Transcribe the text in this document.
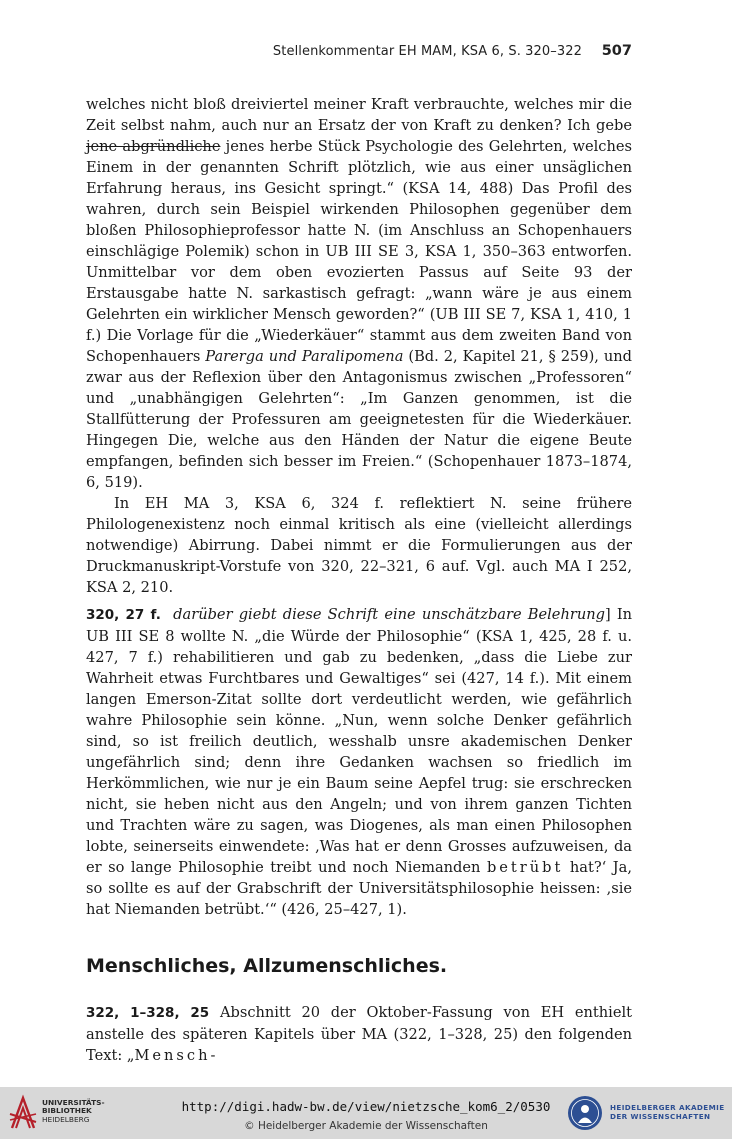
Stellenkommentar EH MAM, KSA 6, S. 320–322 507

welches nicht bloß dreiviertel meiner Kraft verbrauchte, welches mir die Zeit selbst nahm, auch nur an Ersatz der von Kraft zu denken? Ich gebe jene abgründliche jenes herbe Stück Psychologie des Gelehrten, welches Einem in der genannten Schrift plötzlich, wie aus einer unsäglichen Erfahrung heraus, ins Gesicht springt.“ (KSA 14, 488) Das Profil des wahren, durch sein Beispiel wirkenden Philosophen gegenüber dem bloßen Philosophieprofessor hatte N. (im Anschluss an Schopenhauers einschlägige Polemik) schon in UB III SE 3, KSA 1, 350–363 entworfen. Unmittelbar vor dem oben evozierten Passus auf Seite 93 der Erstausgabe hatte N. sarkastisch gefragt: „wann wäre je aus einem Gelehrten ein wirklicher Mensch geworden?“ (UB III SE 7, KSA 1, 410, 1 f.) Die Vorlage für die „Wiederkäuer“ stammt aus dem zweiten Band von Schopenhauers Parerga und Paralipomena (Bd. 2, Kapitel 21, § 259), und zwar aus der Reflexion über den Antagonismus zwischen „Professoren“ und „unabhängigen Gelehrten“: „Im Ganzen genommen, ist die Stallfütterung der Professuren am geeignetesten für die Wiederkäuer. Hingegen Die, welche aus den Händen der Natur die eigene Beute empfangen, befinden sich besser im Freien.“ (Schopenhauer 1873–1874, 6, 519).

In EH MA 3, KSA 6, 324 f. reflektiert N. seine frühere Philologenexistenz noch einmal kritisch als eine (vielleicht allerdings notwendige) Abirrung. Dabei nimmt er die Formulierungen aus der Druckmanuskript-Vorstufe von 320, 22–321, 6 auf. Vgl. auch MA I 252, KSA 2, 210.

320, 27 f. darüber giebt diese Schrift eine unschätzbare Belehrung] In UB III SE 8 wollte N. „die Würde der Philosophie“ (KSA 1, 425, 28 f. u. 427, 7 f.) rehabilitieren und gab zu bedenken, „dass die Liebe zur Wahrheit etwas Furchtbares und Gewaltiges“ sei (427, 14 f.). Mit einem langen Emerson-Zitat sollte dort verdeutlicht werden, wie gefährlich wahre Philosophie sein könne. „Nun, wenn solche Denker gefährlich sind, so ist freilich deutlich, wesshalb unsre akademischen Denker ungefährlich sind; denn ihre Gedanken wachsen so friedlich im Herkömmlichen, wie nur je ein Baum seine Aepfel trug: sie erschrecken nicht, sie heben nicht aus den Angeln; und von ihrem ganzen Tichten und Trachten wäre zu sagen, was Diogenes, als man einen Philosophen lobte, seinerseits einwendete: ‚Was hat er denn Grosses aufzuweisen, da er so lange Philosophie treibt und noch Niemanden betrübt hat?‘ Ja, so sollte es auf der Grabschrift der Universitätsphilosophie heissen: ‚sie hat Niemanden betrübt.‘“ (426, 25–427, 1).

Menschliches, Allzumenschliches.

322, 1–328, 25 Abschnitt 20 der Oktober-Fassung von EH enthielt anstelle des späteren Kapitels über MA (322, 1–328, 25) den folgenden Text: „Mensch-

UNIVERSITÄTS-
BIBLIOTHEK
HEIDELBERG
http://digi.hadw-bw.de/view/nietzsche_kom6_2/0530
© Heidelberger Akademie der Wissenschaften
HEIDELBERGER AKADEMIE
DER WISSENSCHAFTEN
